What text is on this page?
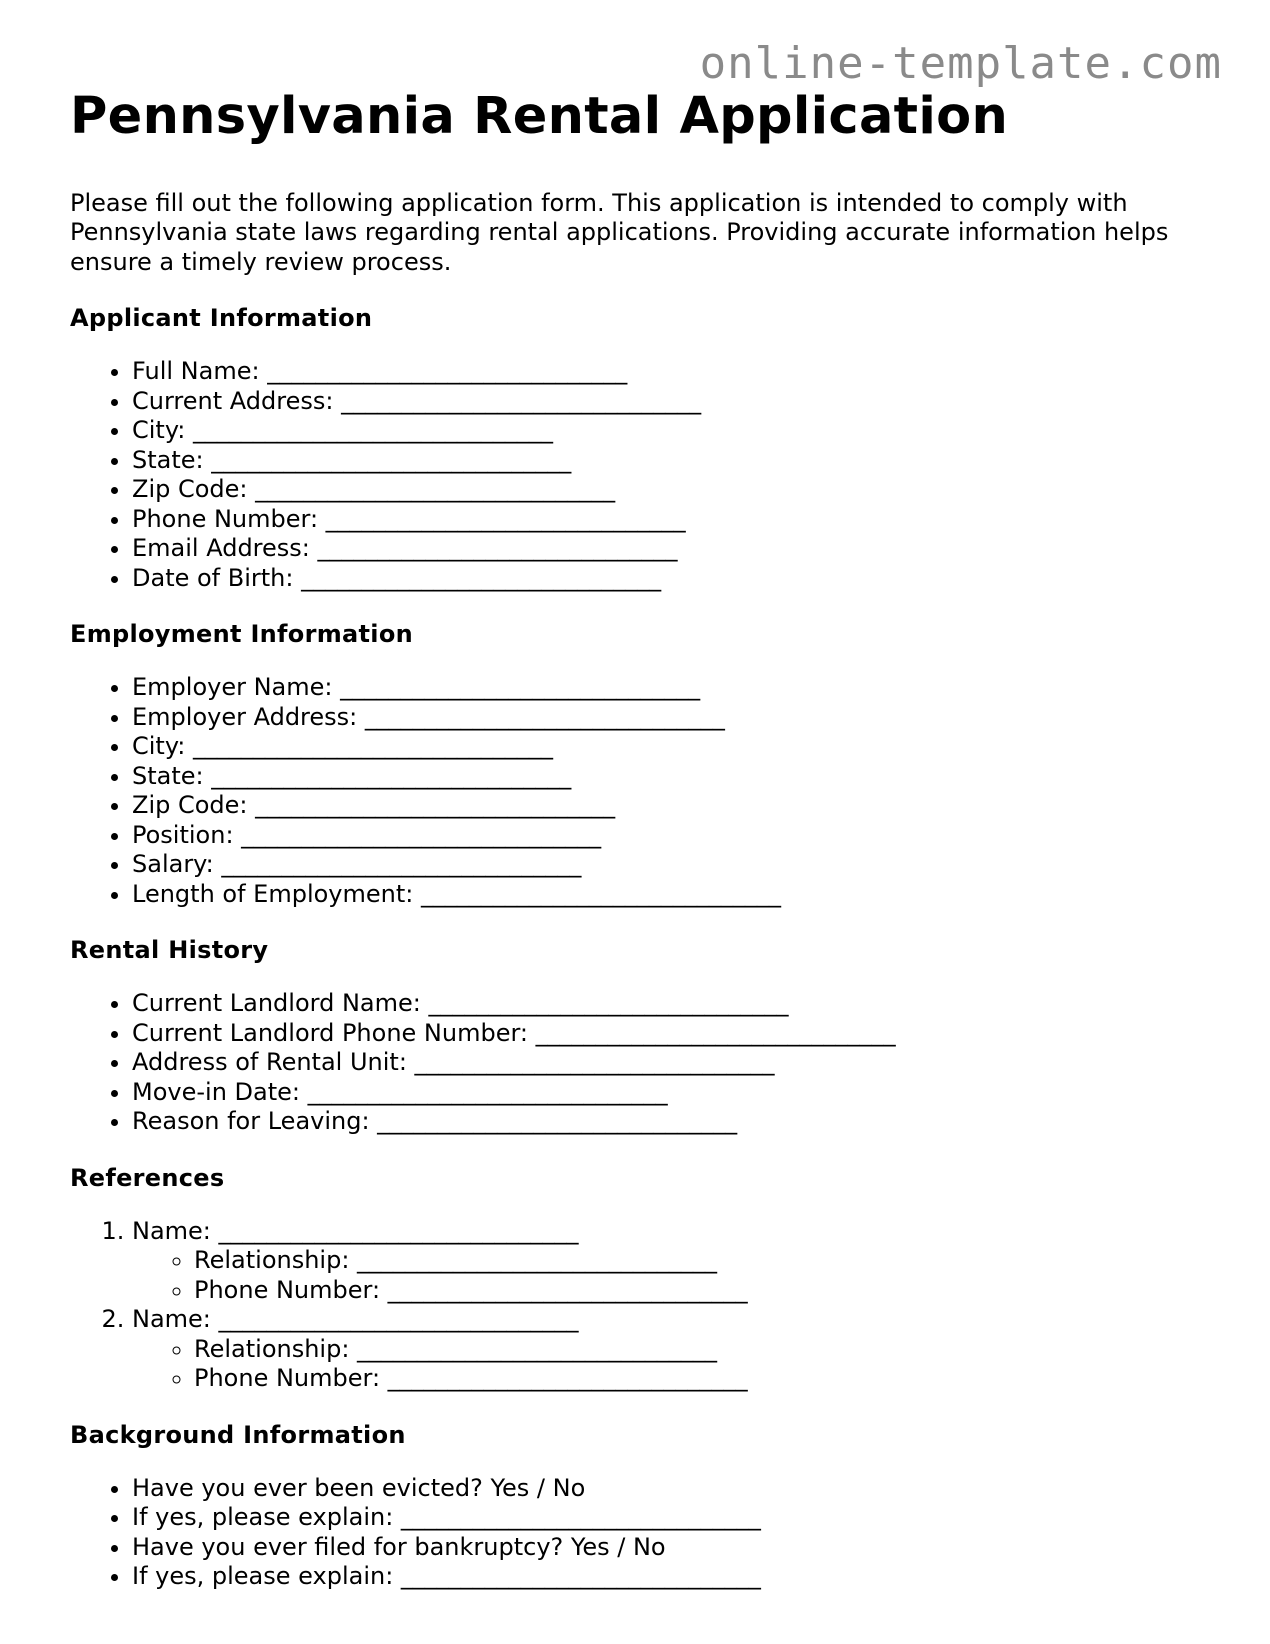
online-template.com
Pennsylvania Rental Application

Please fill out the following application form. This application is intended to comply with Pennsylvania state laws regarding rental applications. Providing accurate information helps ensure a timely review process.

Applicant Information
• Full Name: ______________________________
• Current Address: ______________________________
• City: ______________________________
• State: ______________________________
• Zip Code: ______________________________
• Phone Number: ______________________________
• Email Address: ______________________________
• Date of Birth: ______________________________
Employment Information
• Employer Name: ______________________________
• Employer Address: ______________________________
• City: ______________________________
• State: ______________________________
• Zip Code: ______________________________
• Position: ______________________________
• Salary: ______________________________
• Length of Employment: ______________________________
Rental History
• Current Landlord Name: ______________________________
• Current Landlord Phone Number: ______________________________
• Address of Rental Unit: ______________________________
• Move-in Date: ______________________________
• Reason for Leaving: ______________________________
References
1. Name: ______________________________
◦ Relationship: ______________________________
◦ Phone Number: ______________________________
2. Name: ______________________________
◦ Relationship: ______________________________
◦ Phone Number: ______________________________
Background Information
• Have you ever been evicted? Yes / No
• If yes, please explain: ______________________________
• Have you ever filed for bankruptcy? Yes / No
• If yes, please explain: ______________________________
